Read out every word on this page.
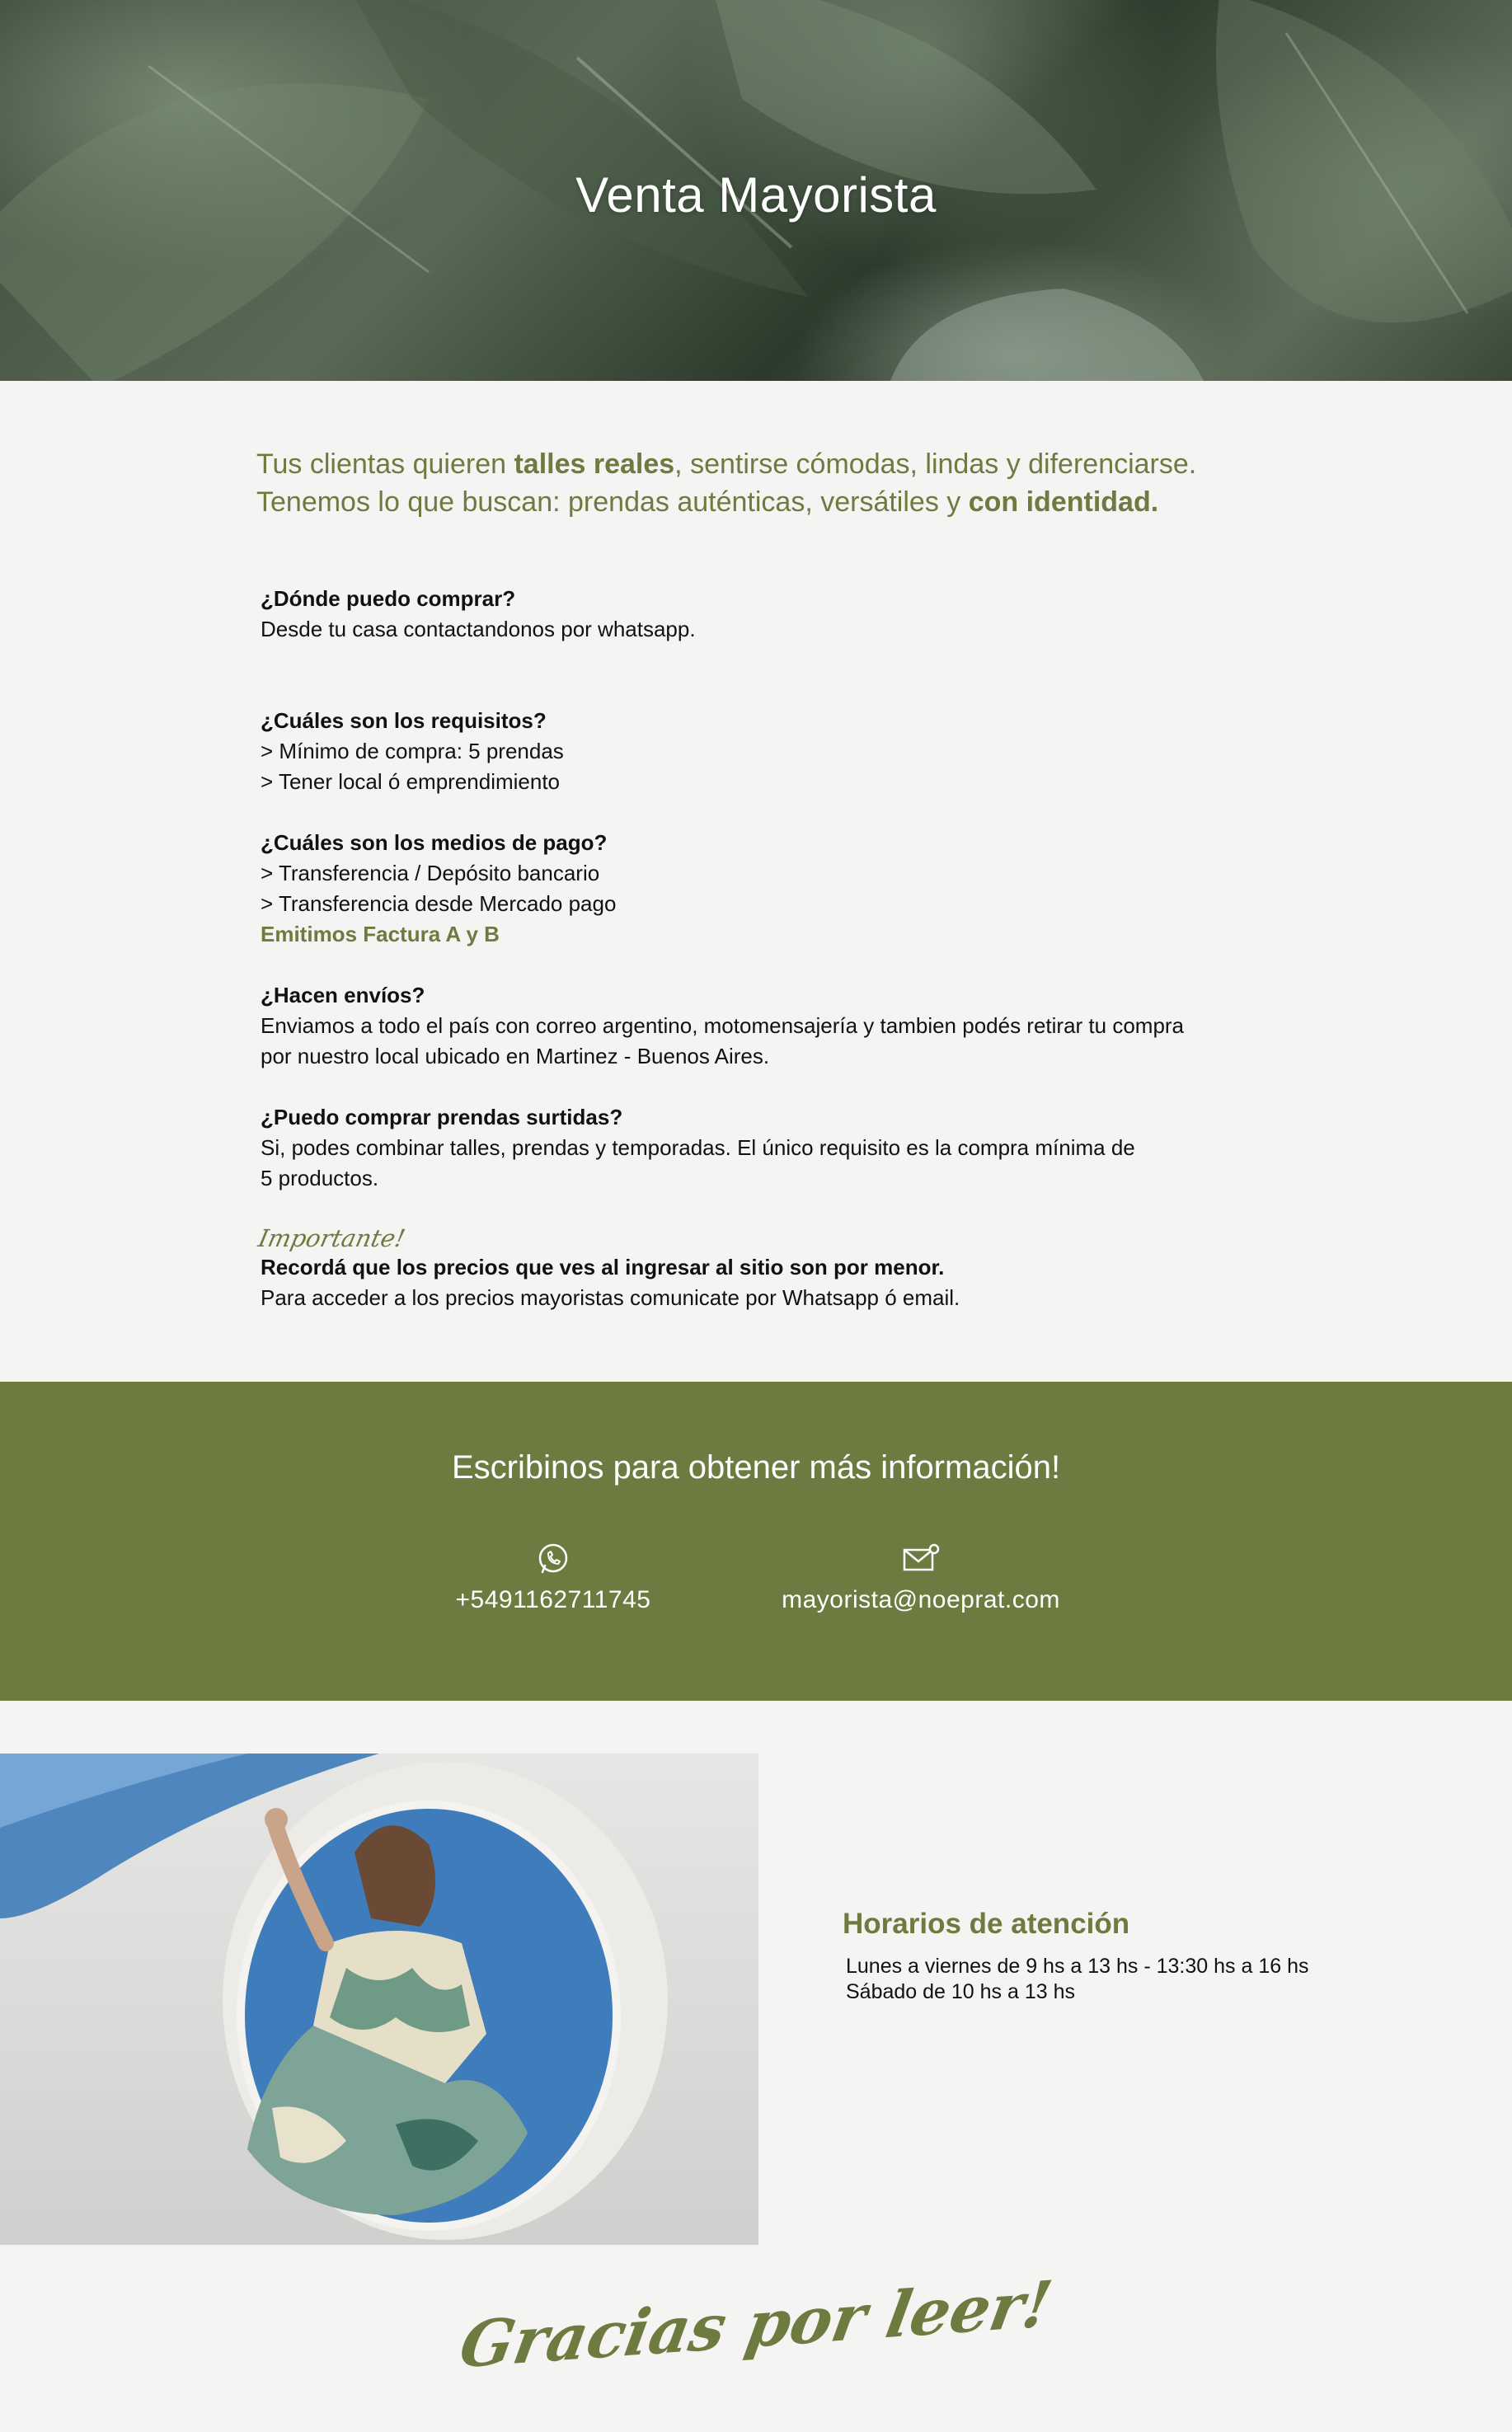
Venta Mayorista
Tus clientas quieren talles reales, sentirse cómodas, lindas y diferenciarse.
Tenemos lo que buscan: prendas auténticas, versátiles y con identidad.
¿Dónde puedo comprar?
Desde tu casa contactandonos por whatsapp.
¿Cuáles son los requisitos?
> Mínimo de compra: 5 prendas
> Tener local ó emprendimiento
¿Cuáles son los medios de pago?
> Transferencia / Depósito bancario
> Transferencia desde Mercado pago
Emitimos Factura A y B
¿Hacen envíos?
Enviamos a todo el país con correo argentino, motomensajería y tambien podés retirar tu compra
por nuestro local ubicado en Martinez - Buenos Aires.
¿Puedo comprar prendas surtidas?
Si, podes combinar talles, prendas y temporadas. El único requisito es la compra mínima de
5 productos.
Importante!
Recordá que los precios que ves al ingresar al sitio son por menor.
Para acceder a los precios mayoristas comunicate por Whatsapp ó email.
Escribinos para obtener más información!
+5491162711745	mayorista@noeprat.com
Horarios de atención
Lunes a viernes de 9 hs a 13 hs - 13:30 hs a 16 hs
Sábado de 10 hs a 13 hs
Gracias por leer!
